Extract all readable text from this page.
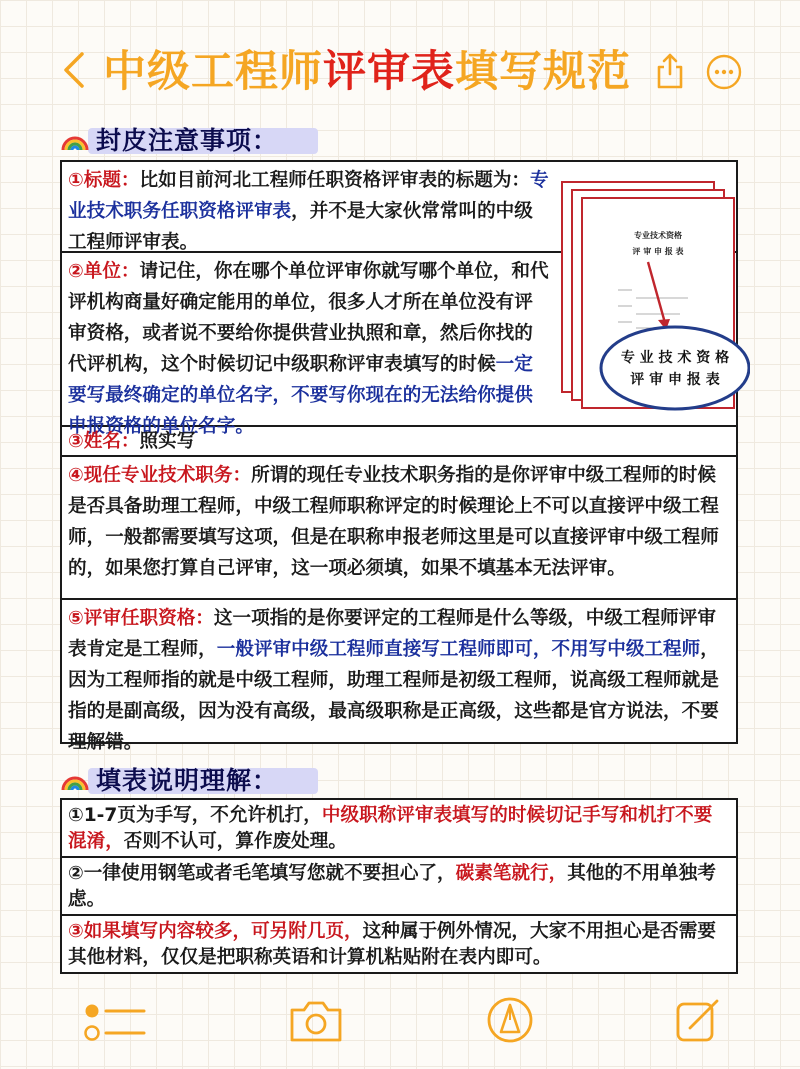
中级工程师评审表填写规范
封皮注意事项：
①标题：比如目前河北工程师任职资格评审表的标题为：专业技术职务任职资格评审表，并不是大家伙常常叫的中级工程师评审表。
②单位：请记住，你在哪个单位评审你就写哪个单位，和代评机构商量好确定能用的单位，很多人才所在单位没有评审资格，或者说不要给你提供营业执照和章，然后你找的代评机构，这个时候切记中级职称评审表填写的时候一定要写最终确定的单位名字，不要写你现在的无法给你提供申报资格的单位名字。
③姓名：照实写
④现任专业技术职务：所谓的现任专业技术职务指的是你评审中级工程师的时候是否具备助理工程师，中级工程师职称评定的时候理论上不可以直接评中级工程师，一般都需要填写这项，但是在职称申报老师这里是可以直接评审中级工程师的，如果您打算自己评审，这一项必须填，如果不填基本无法评审。
⑤评审任职资格：这一项指的是你要评定的工程师是什么等级，中级工程师评审表肯定是工程师，一般评审中级工程师直接写工程师即可，不用写中级工程师，因为工程师指的就是中级工程师，助理工程师是初级工程师，说高级工程师就是指的是副高级，因为没有高级，最高级职称是正高级，这些都是官方说法，不要理解错。
专业技术资格
评 审 申 报 表
专 业 技 术 资 格
评 审 申 报 表
填表说明理解：
①1-7页为手写，不允许机打，中级职称评审表填写的时候切记手写和机打不要混淆，否则不认可，算作废处理。
②一律使用钢笔或者毛笔填写您就不要担心了，碳素笔就行，其他的不用单独考虑。
③如果填写内容较多，可另附几页，这种属于例外情况，大家不用担心是否需要其他材料，仅仅是把职称英语和计算机粘贴附在表内即可。
